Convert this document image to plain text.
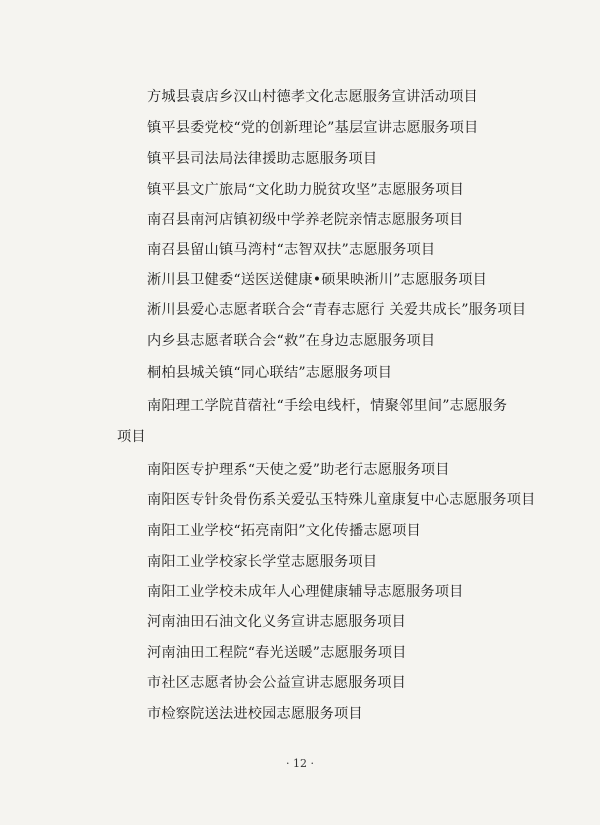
方城县袁店乡汉山村德孝文化志愿服务宣讲活动项目
镇平县委党校“党的创新理论”基层宣讲志愿服务项目
镇平县司法局法律援助志愿服务项目
镇平县文广旅局“文化助力脱贫攻坚”志愿服务项目
南召县南河店镇初级中学养老院亲情志愿服务项目
南召县留山镇马湾村“志智双扶”志愿服务项目
淅川县卫健委“送医送健康•硕果映淅川”志愿服务项目
淅川县爱心志愿者联合会“青春志愿行 关爱共成长”服务项目
内乡县志愿者联合会“救”在身边志愿服务项目
桐柏县城关镇“同心联结”志愿服务项目
南阳理工学院苜蓿社“手绘电线杆，情聚邻里间”志愿服务
项目
南阳医专护理系“天使之爱”助老行志愿服务项目
南阳医专针灸骨伤系关爱弘玉特殊儿童康复中心志愿服务项目
南阳工业学校“拓亮南阳”文化传播志愿项目
南阳工业学校家长学堂志愿服务项目
南阳工业学校未成年人心理健康辅导志愿服务项目
河南油田石油文化义务宣讲志愿服务项目
河南油田工程院“春光送暖”志愿服务项目
市社区志愿者协会公益宣讲志愿服务项目
市检察院送法进校园志愿服务项目
· 12 ·
